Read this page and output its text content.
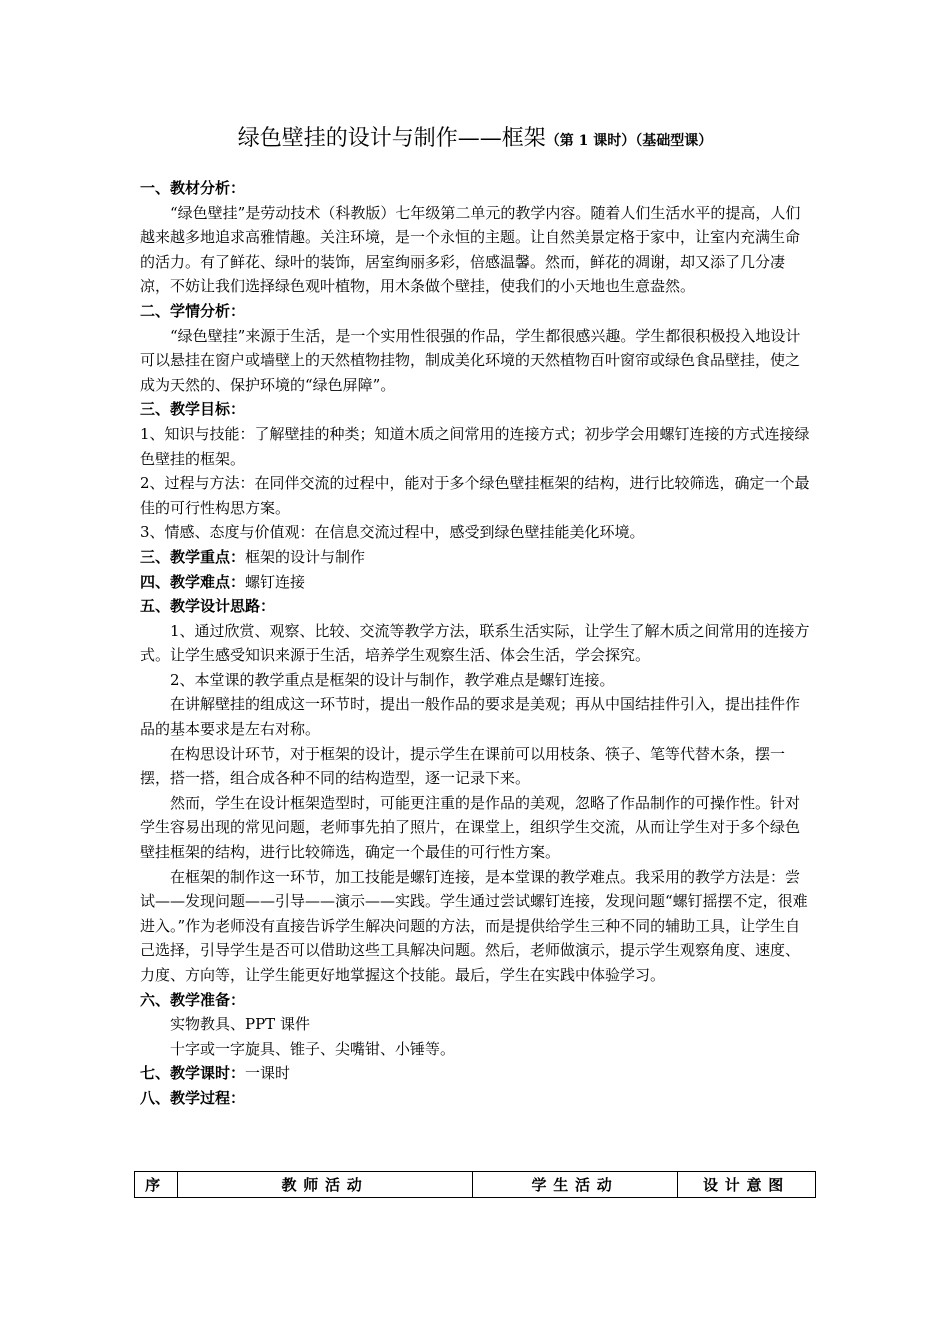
绿色壁挂的设计与制作——框架（第 1 课时）（基础型课）

一、教材分析：

“绿色壁挂”是劳动技术（科教版）七年级第二单元的教学内容。随着人们生活水平的提高，人们越来越多地追求高雅情趣。关注环境，是一个永恒的主题。让自然美景定格于家中，让室内充满生命的活力。有了鲜花、绿叶的装饰，居室绚丽多彩，倍感温馨。然而，鲜花的凋谢，却又添了几分凄凉，不妨让我们选择绿色观叶植物，用木条做个壁挂，使我们的小天地也生意盎然。

二、学情分析：

“绿色壁挂”来源于生活，是一个实用性很强的作品，学生都很感兴趣。学生都很积极投入地设计可以悬挂在窗户或墙壁上的天然植物挂物，制成美化环境的天然植物百叶窗帘或绿色食品壁挂，使之成为天然的、保护环境的“绿色屏障”。

三、教学目标：

1、知识与技能：了解壁挂的种类；知道木质之间常用的连接方式；初步学会用螺钉连接的方式连接绿色壁挂的框架。

2、过程与方法：在同伴交流的过程中，能对于多个绿色壁挂框架的结构，进行比较筛选，确定一个最佳的可行性构思方案。

3、情感、态度与价值观：在信息交流过程中，感受到绿色壁挂能美化环境。

三、教学重点：框架的设计与制作

四、教学难点：螺钉连接

五、教学设计思路：

1、通过欣赏、观察、比较、交流等教学方法，联系生活实际，让学生了解木质之间常用的连接方式。让学生感受知识来源于生活，培养学生观察生活、体会生活，学会探究。

2、本堂课的教学重点是框架的设计与制作，教学难点是螺钉连接。

在讲解壁挂的组成这一环节时，提出一般作品的要求是美观；再从中国结挂件引入，提出挂件作品的基本要求是左右对称。

在构思设计环节，对于框架的设计，提示学生在课前可以用枝条、筷子、笔等代替木条，摆一摆，搭一搭，组合成各种不同的结构造型，逐一记录下来。

然而，学生在设计框架造型时，可能更注重的是作品的美观，忽略了作品制作的可操作性。针对学生容易出现的常见问题，老师事先拍了照片，在课堂上，组织学生交流，从而让学生对于多个绿色壁挂框架的结构，进行比较筛选，确定一个最佳的可行性方案。

在框架的制作这一环节，加工技能是螺钉连接，是本堂课的教学难点。我采用的教学方法是：尝试——发现问题——引导——演示——实践。学生通过尝试螺钉连接，发现问题“螺钉摇摆不定，很难进入。”作为老师没有直接告诉学生解决问题的方法，而是提供给学生三种不同的辅助工具，让学生自己选择，引导学生是否可以借助这些工具解决问题。然后，老师做演示，提示学生观察角度、速度、力度、方向等，让学生能更好地掌握这个技能。最后，学生在实践中体验学习。

六、教学准备：

实物教具、PPT 课件

十字或一字旋具、锥子、尖嘴钳、小锤等。

七、教学课时：一课时

八、教学过程：

序	教师活动	学生活动	设计意图
